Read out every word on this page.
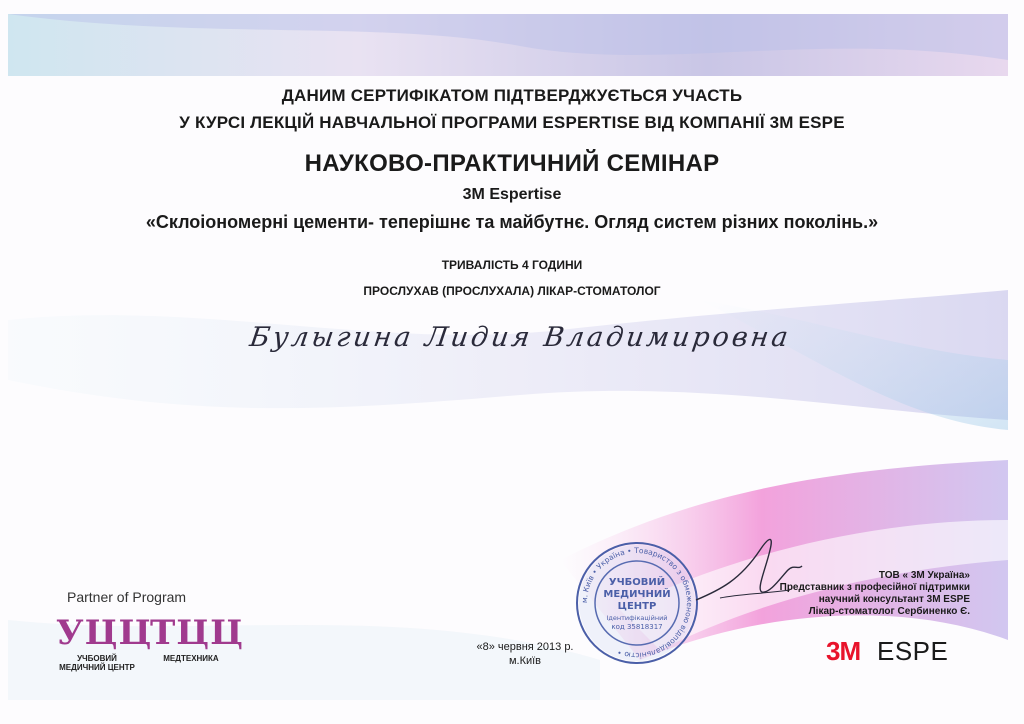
ДАНИМ СЕРТИФІКАТОМ ПІДТВЕРДЖУЄТЬСЯ УЧАСТЬ
У КУРСІ ЛЕКЦІЙ НАВЧАЛЬНОЇ ПРОГРАМИ ESPERTISE ВІД КОМПАНІЇ 3M ESPE
НАУКОВО-ПРАКТИЧНИЙ СЕМІНАР
3M Espertise
«Склоіономерні цементи- теперішнє та майбутнє. Огляд систем різних поколінь.»
ТРИВАЛІСТЬ 4 ГОДИНИ
ПРОСЛУХАВ (ПРОСЛУХАЛА) ЛІКАР-СТОМАТОЛОГ
Булыгина Лидия Владимировна
Partner of Program
УЦЦ
УЧБОВИЙ МЕДИЧНИЙ ЦЕНТР
ТЦЦ
МЕДТЕХНИКА
«8» червня 2013 р.
м.Київ
м. Київ • Україна • Товариство з обмеженою відповідальністю •
УЧБОВИЙ
МЕДИЧНИЙ
ЦЕНТР
Ідентифікаційний
код 35818317
ТОВ « 3М Україна»
Представник з професійної підтримки
научний консультант 3M ESPE
Лікар-стоматолог Сербиненко Є.
3M ESPE
